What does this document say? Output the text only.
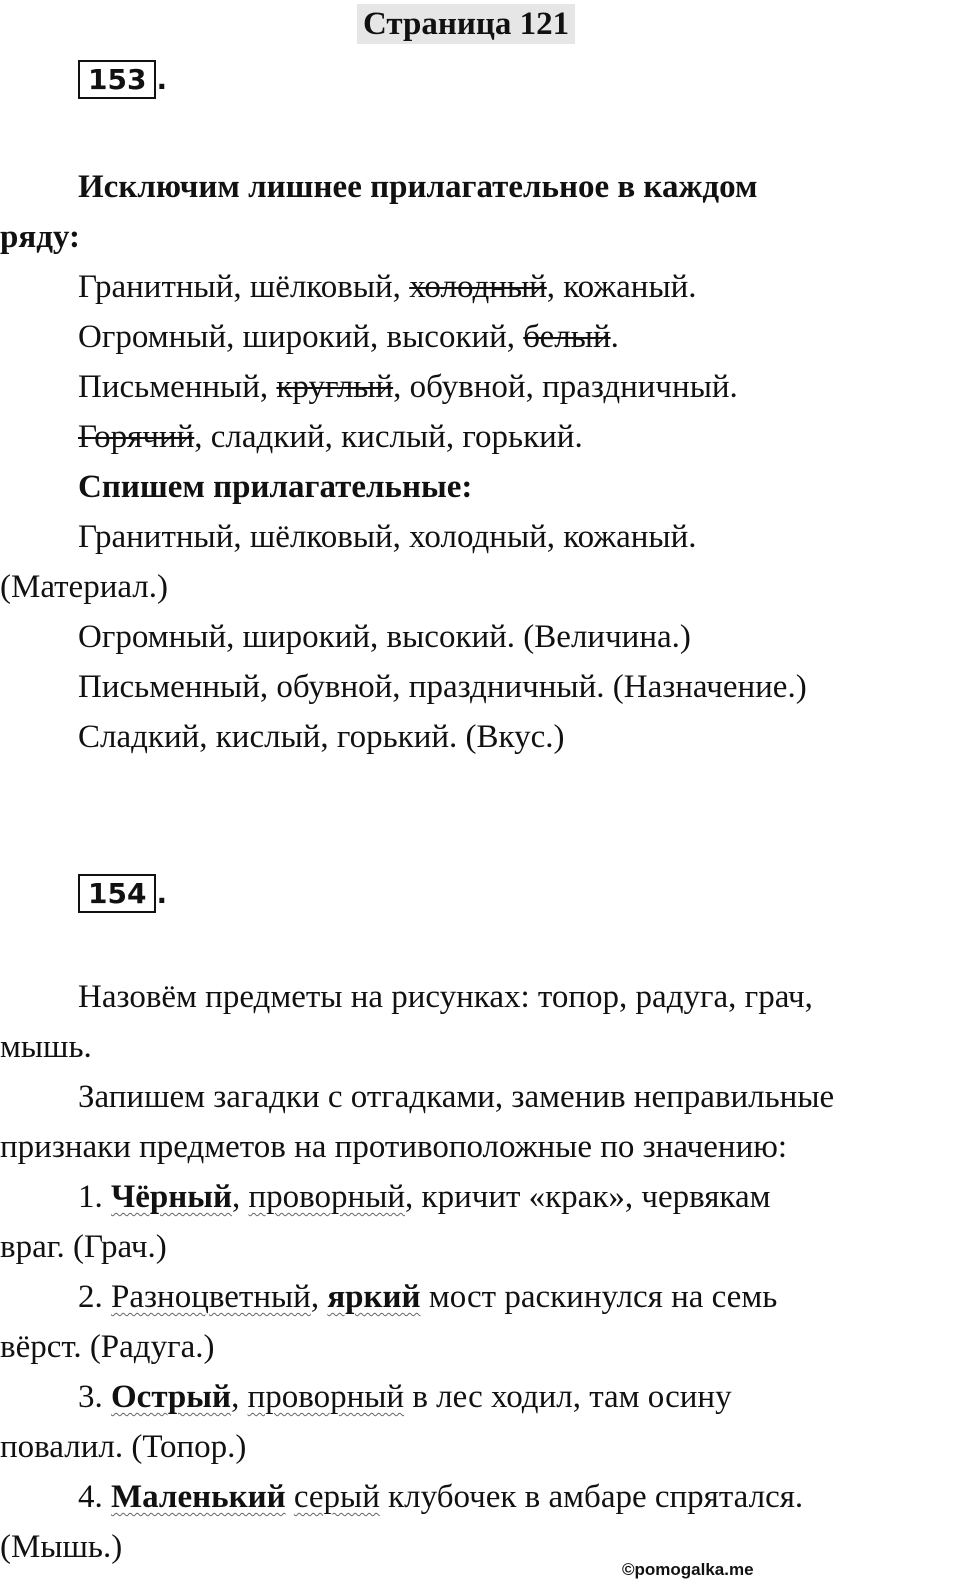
Страница 121
153 .
Исключим лишнее прилагательное в каждом
ряду:
Гранитный, шёлковый, холодный, кожаный.
Огромный, широкий, высокий, белый.
Письменный, круглый, обувной, праздничный.
Горячий, сладкий, кислый, горький.
Спишем прилагательные:
Гранитный, шёлковый, холодный, кожаный.
(Материал.)
Огромный, широкий, высокий. (Величина.)
Письменный, обувной, праздничный. (Назначение.)
Сладкий, кислый, горький. (Вкус.)
154 .
Назовём предметы на рисунках: топор, радуга, грач,
мышь.
Запишем загадки с отгадками, заменив неправильные
признаки предметов на противоположные по значению:
1. Чёрный, проворный, кричит «крак», червякам
враг. (Грач.)
2. Разноцветный, яркий мост раскинулся на семь
вёрст. (Радуга.)
3. Острый, проворный в лес ходил, там осину
повалил. (Топор.)
4. Маленький серый клубочек в амбаре спрятался.
(Мышь.)
©pomogalka.me
